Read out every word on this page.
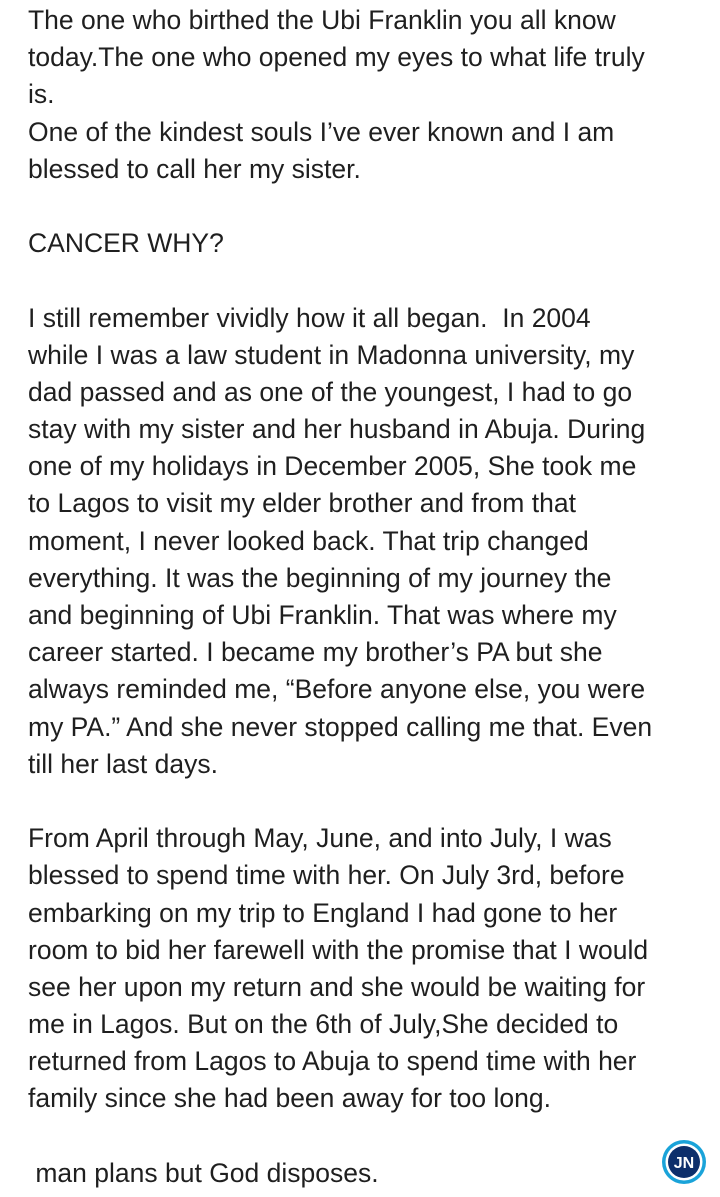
The one who birthed the Ubi Franklin you all know
today.The one who opened my eyes to what life truly
is.
One of the kindest souls I’ve ever known and I am
blessed to call her my sister.
CANCER WHY?
I still remember vividly how it all began.  In 2004
while I was a law student in Madonna university, my
dad passed and as one of the youngest, I had to go
stay with my sister and her husband in Abuja. During
one of my holidays in December 2005, She took me
to Lagos to visit my elder brother and from that
moment, I never looked back. That trip changed
everything. It was the beginning of my journey the
and beginning of Ubi Franklin. That was where my
career started. I became my brother’s PA but she
always reminded me, “Before anyone else, you were
my PA.” And she never stopped calling me that. Even
till her last days.
From April through May, June, and into July, I was
blessed to spend time with her. On July 3rd, before
embarking on my trip to England I had gone to her
room to bid her farewell with the promise that I would
see her upon my return and she would be waiting for
me in Lagos. But on the 6th of July,She decided to
returned from Lagos to Abuja to spend time with her
family since she had been away for too long.
man plans but God disposes.	JN
